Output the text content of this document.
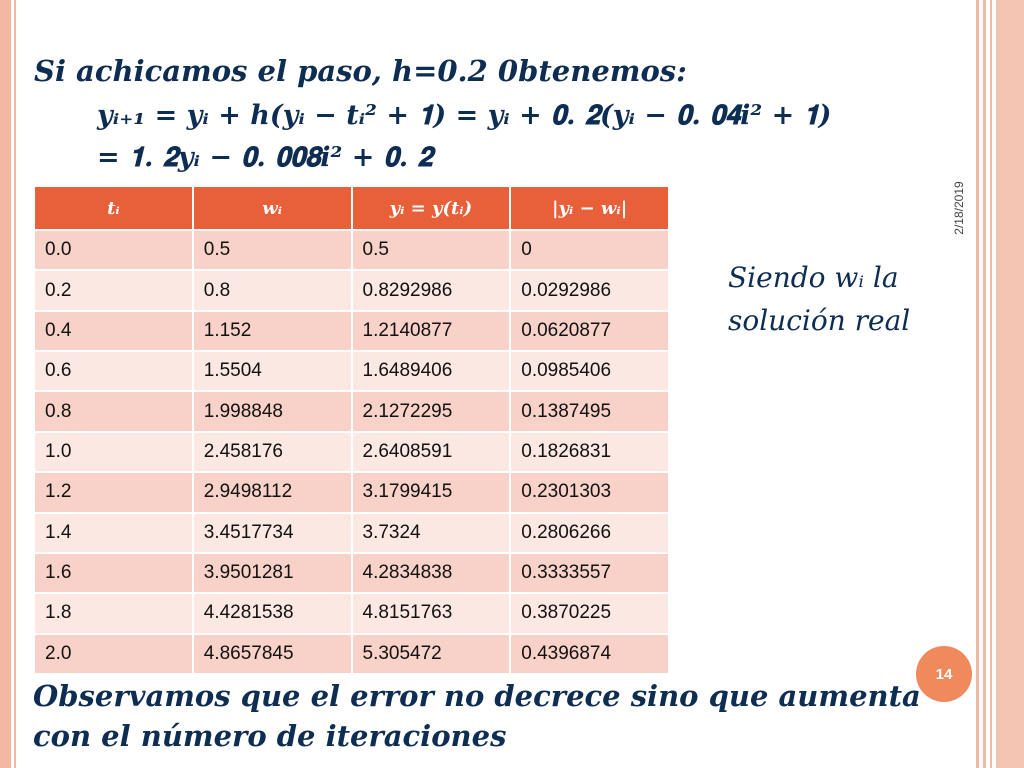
Si achicamos el paso, h=0.2 0btenemos:
𝒚ᵢ₊₁ = 𝒚ᵢ + 𝒉(𝒚ᵢ − 𝒕ᵢ² + 𝟏) = 𝒚ᵢ + 𝟎. 𝟐(𝒚ᵢ − 𝟎. 𝟎𝟒𝒊² + 𝟏)
= 𝟏. 𝟐𝒚ᵢ − 𝟎. 𝟎𝟎𝟖𝒊² + 𝟎. 𝟐
2/18/2019
tᵢ	wᵢ	yᵢ = y(tᵢ)	|yᵢ − wᵢ|
0.0	0.5	0.5	0
0.2	0.8	0.8292986	0.0292986
0.4	1.152	1.2140877	0.0620877
0.6	1.5504	1.6489406	0.0985406
0.8	1.998848	2.1272295	0.1387495
1.0	2.458176	2.6408591	0.1826831
1.2	2.9498112	3.1799415	0.2301303
1.4	3.4517734	3.7324	0.2806266
1.6	3.9501281	4.2834838	0.3333557
1.8	4.4281538	4.8151763	0.3870225
2.0	4.8657845	5.305472	0.4396874

Siendo wᵢ la solución real

14

Observamos que el error no decrece sino que aumenta con el número de iteraciones
